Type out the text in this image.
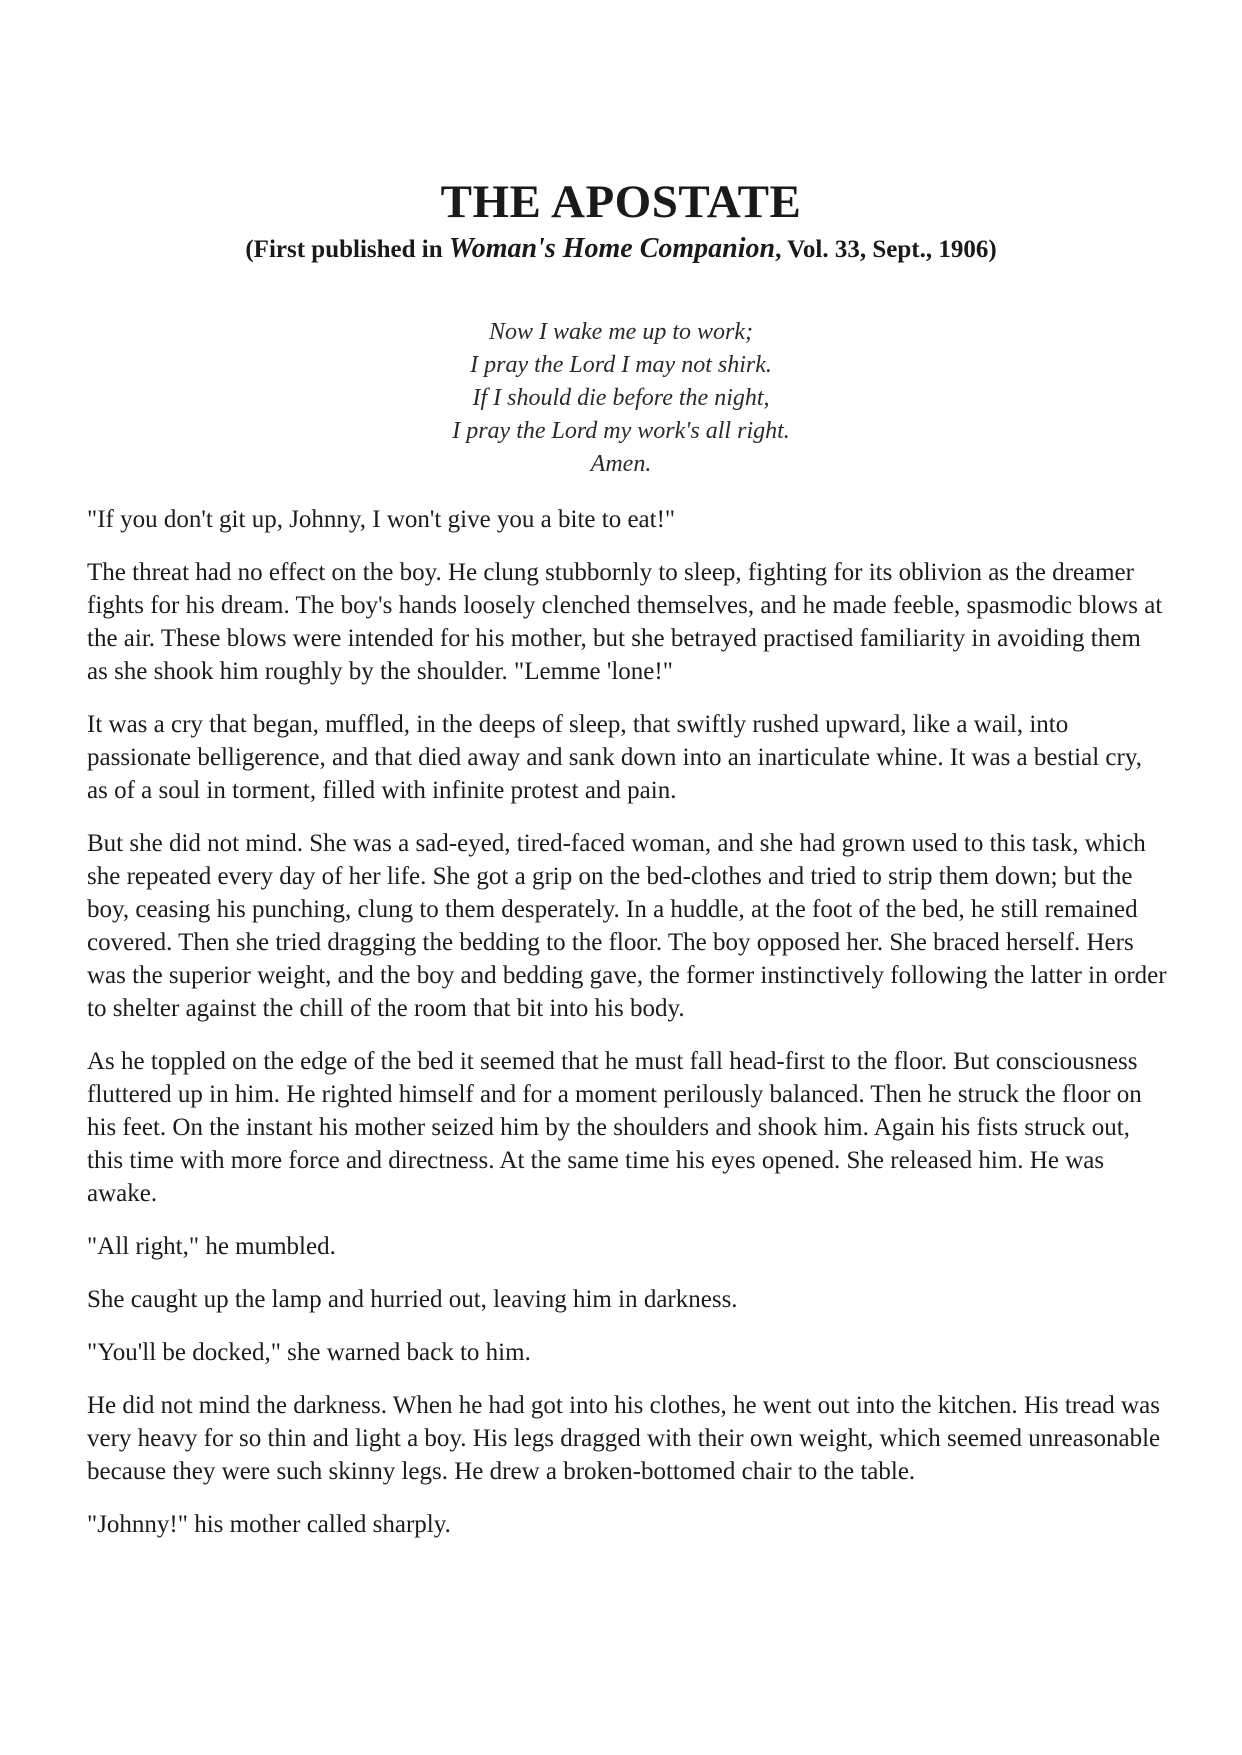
THE APOSTATE
(First published in Woman's Home Companion, Vol. 33, Sept., 1906)
Now I wake me up to work;
I pray the Lord I may not shirk.
If I should die before the night,
I pray the Lord my work's all right.
Amen.

"If you don't git up, Johnny, I won't give you a bite to eat!"

The threat had no effect on the boy. He clung stubbornly to sleep, fighting for its oblivion as the dreamer fights for his dream. The boy's hands loosely clenched themselves, and he made feeble, spasmodic blows at the air. These blows were intended for his mother, but she betrayed practised familiarity in avoiding them as she shook him roughly by the shoulder. "Lemme 'lone!"

It was a cry that began, muffled, in the deeps of sleep, that swiftly rushed upward, like a wail, into passionate belligerence, and that died away and sank down into an inarticulate whine. It was a bestial cry, as of a soul in torment, filled with infinite protest and pain.

But she did not mind. She was a sad-eyed, tired-faced woman, and she had grown used to this task, which she repeated every day of her life. She got a grip on the bed-clothes and tried to strip them down; but the boy, ceasing his punching, clung to them desperately. In a huddle, at the foot of the bed, he still remained covered. Then she tried dragging the bedding to the floor. The boy opposed her. She braced herself. Hers was the superior weight, and the boy and bedding gave, the former instinctively following the latter in order to shelter against the chill of the room that bit into his body.

As he toppled on the edge of the bed it seemed that he must fall head-first to the floor. But consciousness fluttered up in him. He righted himself and for a moment perilously balanced. Then he struck the floor on his feet. On the instant his mother seized him by the shoulders and shook him. Again his fists struck out, this time with more force and directness. At the same time his eyes opened. She released him. He was awake.

"All right," he mumbled.

She caught up the lamp and hurried out, leaving him in darkness.

"You'll be docked," she warned back to him.

He did not mind the darkness. When he had got into his clothes, he went out into the kitchen. His tread was very heavy for so thin and light a boy. His legs dragged with their own weight, which seemed unreasonable because they were such skinny legs. He drew a broken-bottomed chair to the table.

"Johnny!" his mother called sharply.
